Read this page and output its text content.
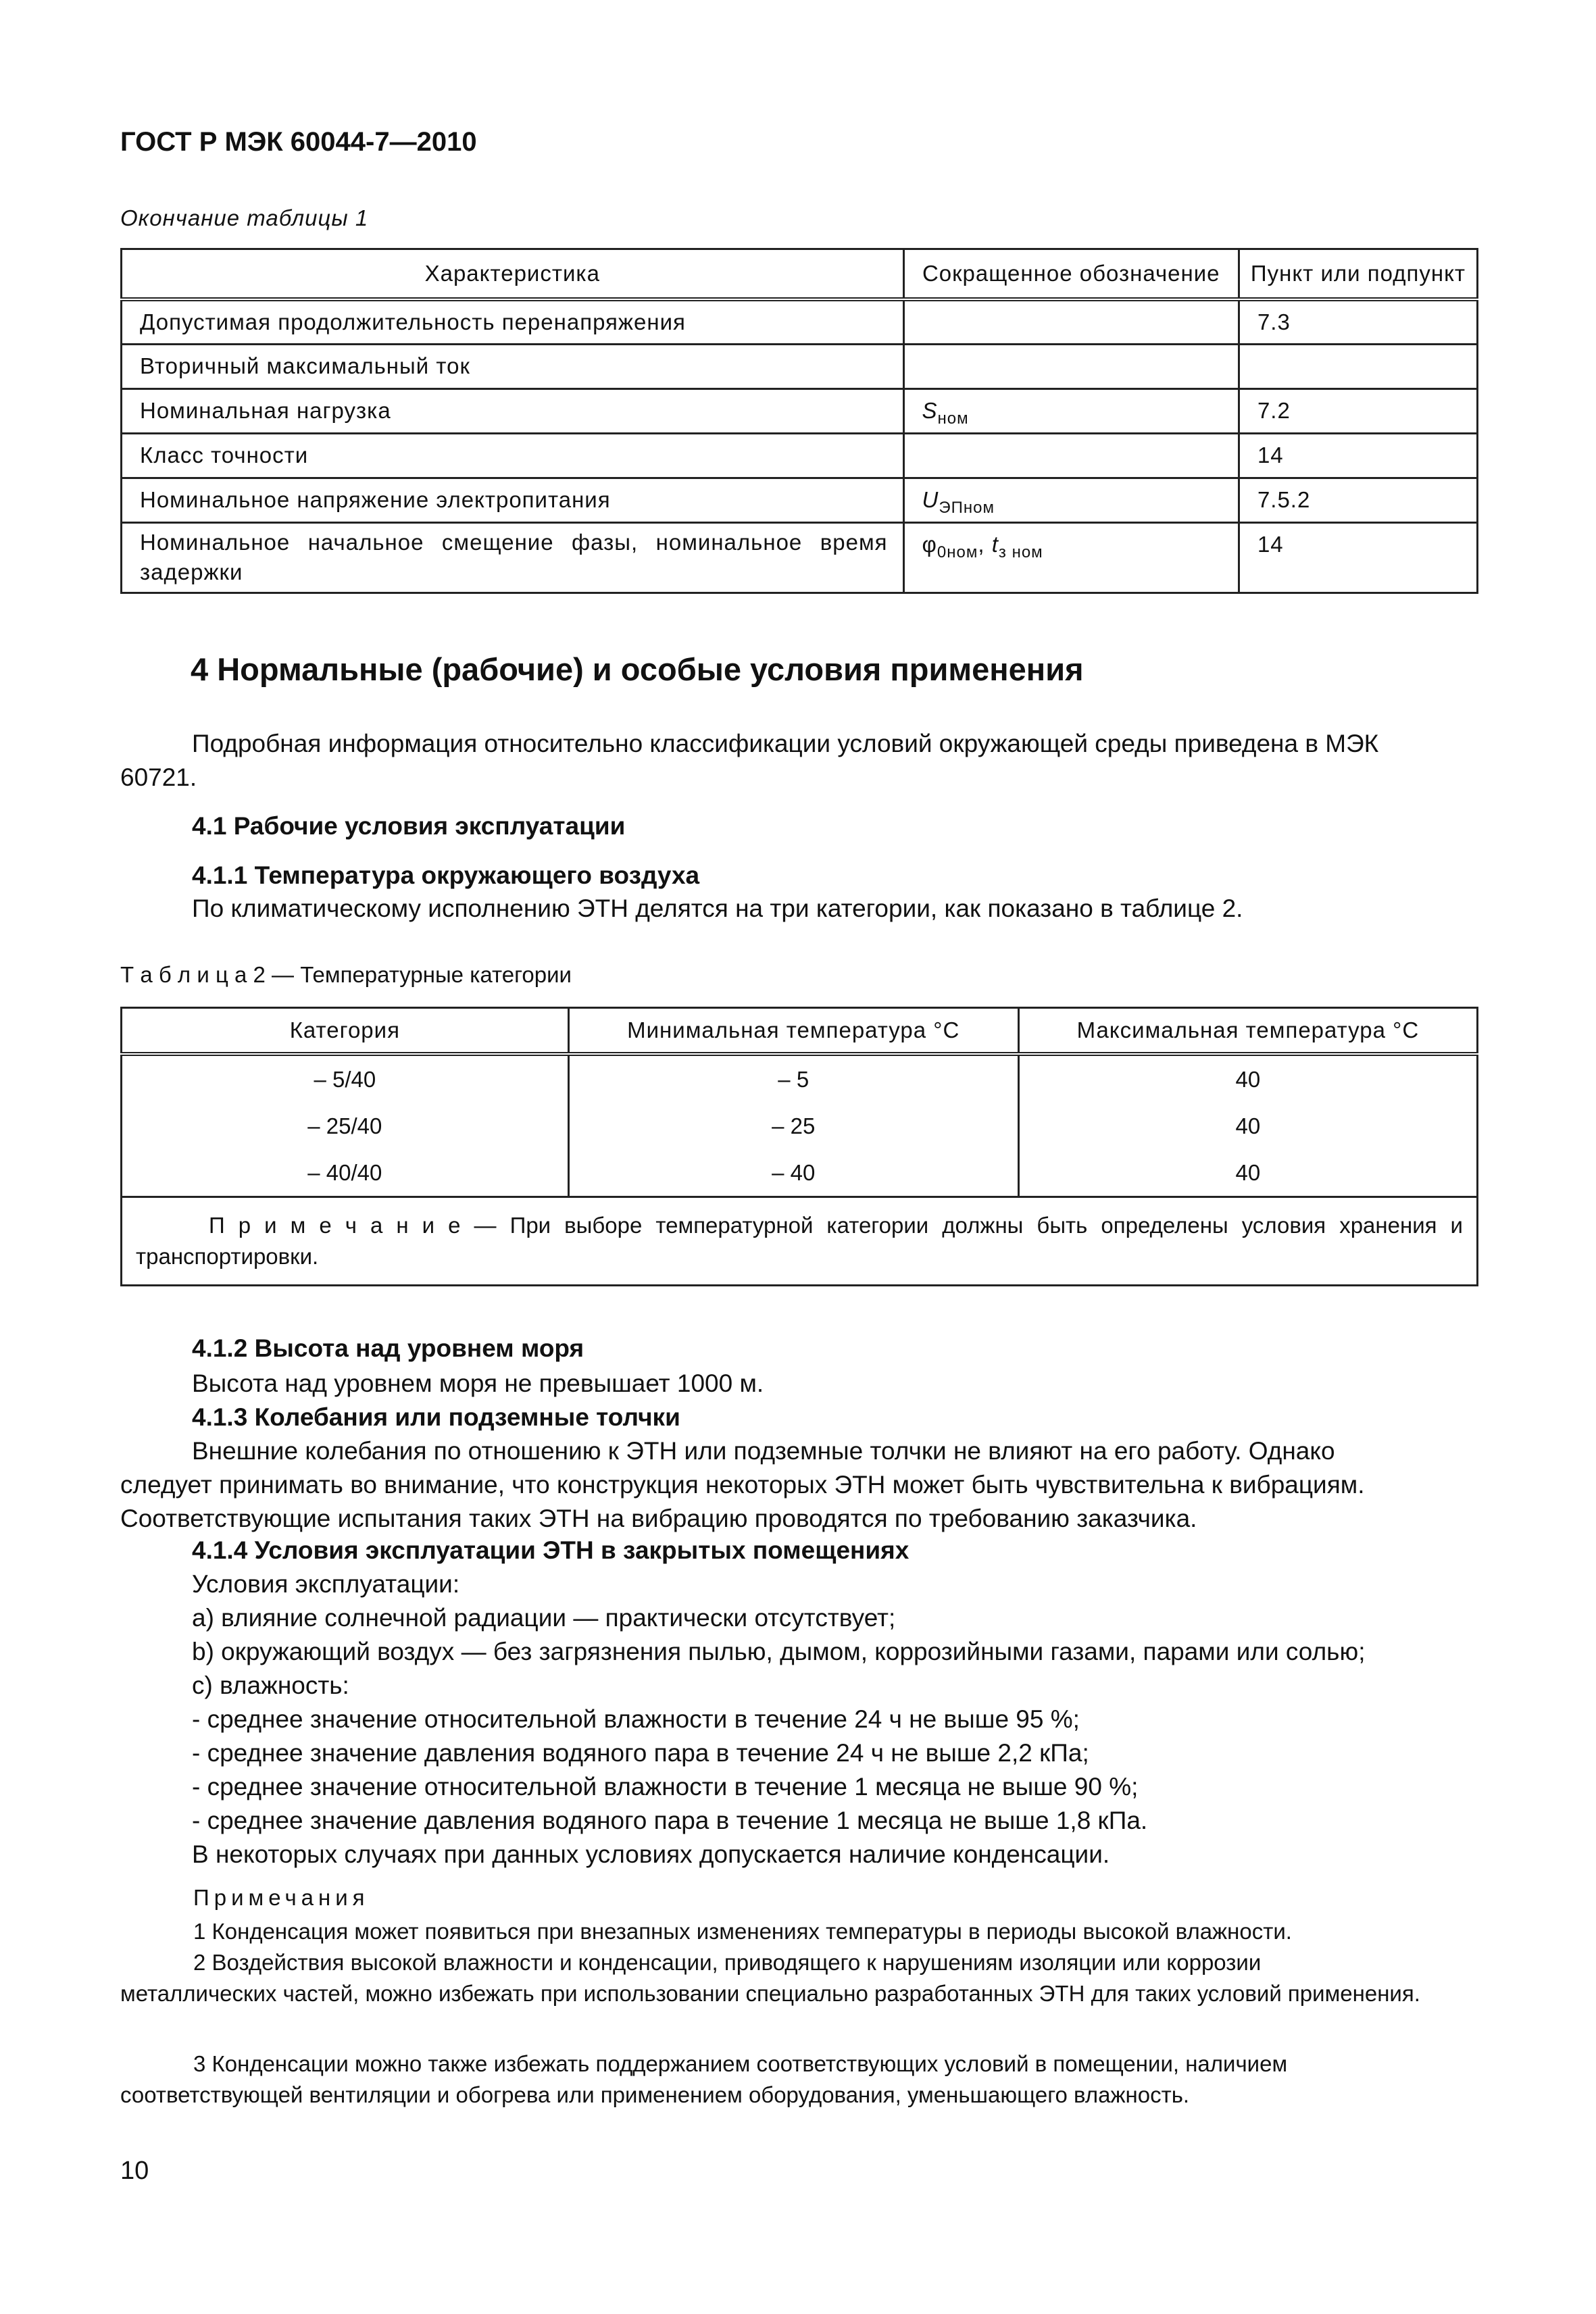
ГОСТ Р МЭК 60044-7—2010
Окончание таблицы 1
Характеристика	Сокращенное обозначение	Пункт или подпункт
Допустимая продолжительность перенапряжения		7.3
Вторичный максимальный ток		
Номинальная нагрузка	$S_{ном}$	7.2
Класс точности		14
Номинальное напряжение электропитания	$U_{ЭПном}$	7.5.2
Номинальное начальное смещение фазы, номинальное время задержки	$\varphi_{0ном}$, $t_{з ном}$	14
4 Нормальные (рабочие) и особые условия применения
Подробная информация относительно классификации условий окружающей среды приведена в МЭК
60721.
4.1 Рабочие условия эксплуатации
4.1.1 Температура окружающего воздуха
По климатическому исполнению ЭТН делятся на три категории, как показано в таблице 2.
Т а б л и ц а 2 — Температурные категории
Категория	Минимальная температура °С	Максимальная температура °С
– 5/40	– 5	40
– 25/40	– 25	40
– 40/40	– 40	40
П р и м е ч а н и е — При выборе температурной категории должны быть определены условия хранения и транспортировки.		
4.1.2 Высота над уровнем моря
Высота над уровнем моря не превышает 1000 м.
4.1.3 Колебания или подземные толчки
Внешние колебания по отношению к ЭТН или подземные толчки не влияют на его работу. Однако
следует принимать во внимание, что конструкция некоторых ЭТН может быть чувствительна к вибрациям.
Соответствующие испытания таких ЭТН на вибрацию проводятся по требованию заказчика.
4.1.4 Условия эксплуатации ЭТН в закрытых помещениях
Условия эксплуатации:
a) влияние солнечной радиации — практически отсутствует;
b) окружающий воздух — без загрязнения пылью, дымом, коррозийными газами, парами или солью;
c) влажность:
- среднее значение относительной влажности в течение 24 ч не выше 95 %;
- среднее значение давления водяного пара в течение 24 ч не выше 2,2 кПа;
- среднее значение относительной влажности в течение 1 месяца не выше 90 %;
- среднее значение давления водяного пара в течение 1 месяца не выше 1,8 кПа.
В некоторых случаях при данных условиях допускается наличие конденсации.
Примечания
1 Конденсация может появиться при внезапных изменениях температуры в периоды высокой влажности.
2 Воздействия высокой влажности и конденсации, приводящего к нарушениям изоляции или коррозии
металлических частей, можно избежать при использовании специально разработанных ЭТН для таких условий применения.
3 Конденсации можно также избежать поддержанием соответствующих условий в помещении, наличием
соответствующей вентиляции и обогрева или применением оборудования, уменьшающего влажность.
10
